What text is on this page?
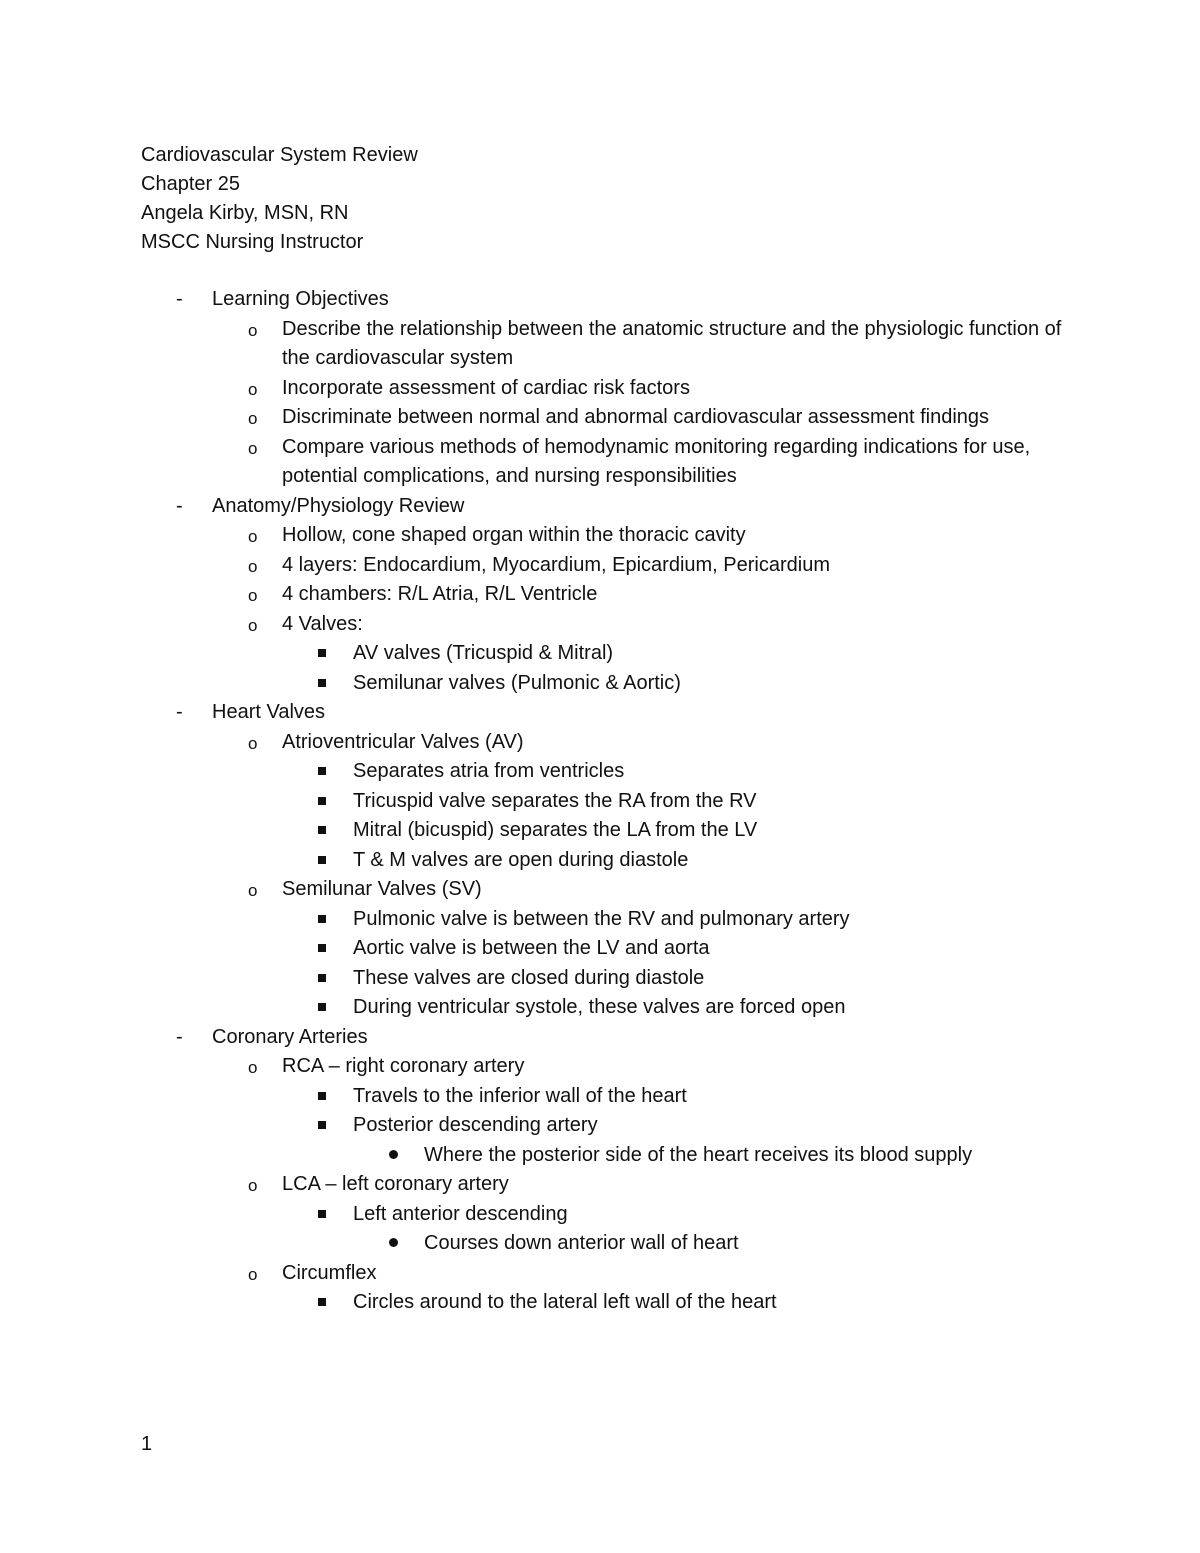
Cardiovascular System Review
Chapter 25
Angela Kirby, MSN, RN
MSCC Nursing Instructor
-	Learning Objectives
o	Describe the relationship between the anatomic structure and the physiologic function of the cardiovascular system
o	Incorporate assessment of cardiac risk factors
o	Discriminate between normal and abnormal cardiovascular assessment findings
o	Compare various methods of hemodynamic monitoring regarding indications for use, potential complications, and nursing responsibilities
-	Anatomy/Physiology Review
o	Hollow, cone shaped organ within the thoracic cavity
o	4 layers: Endocardium, Myocardium, Epicardium, Pericardium
o	4 chambers: R/L Atria, R/L Ventricle
o	4 Valves:
AV valves (Tricuspid & Mitral)
Semilunar valves (Pulmonic & Aortic)
-	Heart Valves
o	Atrioventricular Valves (AV)
Separates atria from ventricles
Tricuspid valve separates the RA from the RV
Mitral (bicuspid) separates the LA from the LV
T & M valves are open during diastole
o	Semilunar Valves (SV)
Pulmonic valve is between the RV and pulmonary artery
Aortic valve is between the LV and aorta
These valves are closed during diastole
During ventricular systole, these valves are forced open
-	Coronary Arteries
o	RCA – right coronary artery
Travels to the inferior wall of the heart
Posterior descending artery
Where the posterior side of the heart receives its blood supply
o	LCA – left coronary artery
Left anterior descending
Courses down anterior wall of heart
o	Circumflex
Circles around to the lateral left wall of the heart
1
